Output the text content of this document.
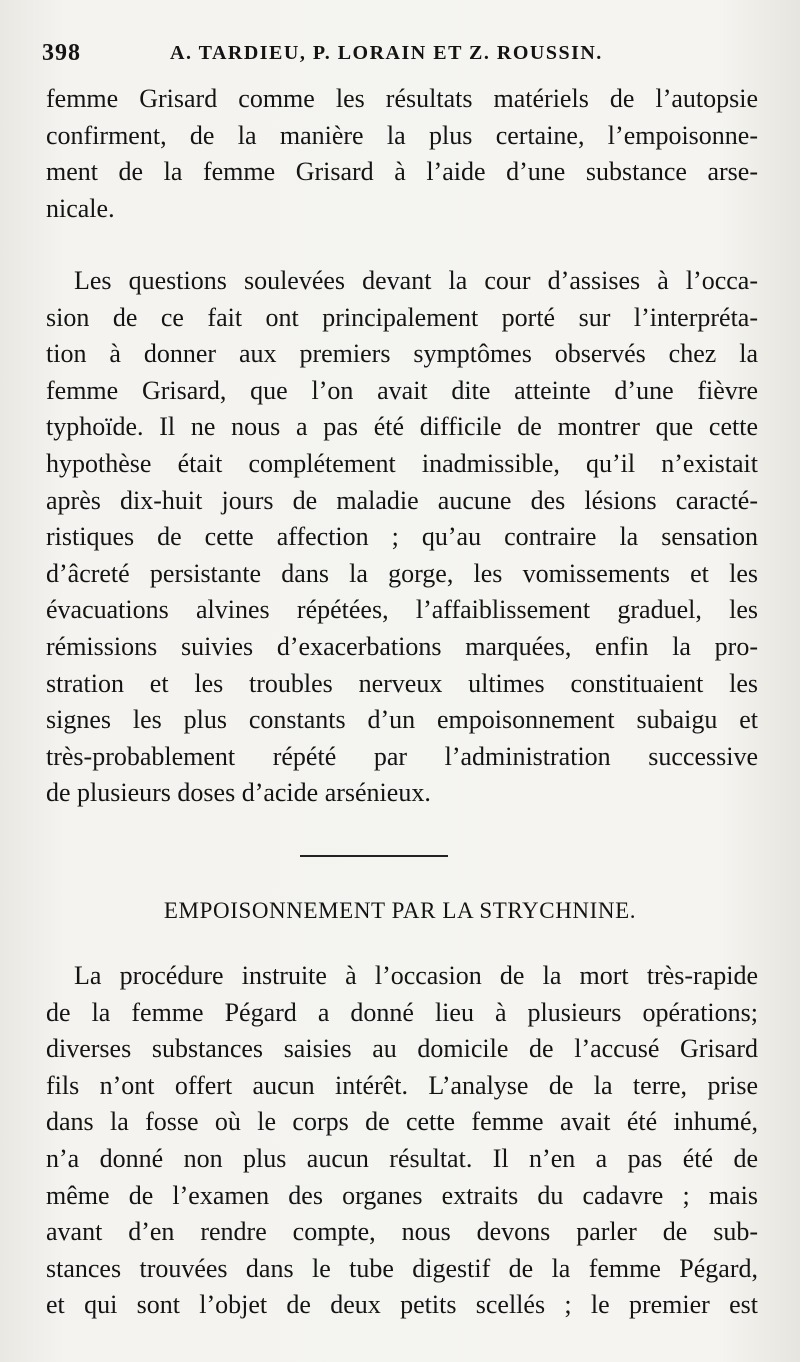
398	A. TARDIEU, P. LORAIN ET Z. ROUSSIN.
femme Grisard comme les résultats matériels de l’autopsie
confirment, de la manière la plus certaine, l’empoisonne-
ment de la femme Grisard à l’aide d’une substance arse-
nicale.
Les questions soulevées devant la cour d’assises à l’occa-
sion de ce fait ont principalement porté sur l’interpréta-
tion à donner aux premiers symptômes observés chez la
femme Grisard, que l’on avait dite atteinte d’une fièvre
typhoïde. Il ne nous a pas été difficile de montrer que cette
hypothèse était complétement inadmissible, qu’il n’existait
après dix-huit jours de maladie aucune des lésions caracté-
ristiques de cette affection ; qu’au contraire la sensation
d’âcreté persistante dans la gorge, les vomissements et les
évacuations alvines répétées, l’affaiblissement graduel, les
rémissions suivies d’exacerbations marquées, enfin la pro-
stration et les troubles nerveux ultimes constituaient les
signes les plus constants d’un empoisonnement subaigu et
très-probablement répété par l’administration successive
de plusieurs doses d’acide arsénieux.
EMPOISONNEMENT PAR LA STRYCHNINE.
La procédure instruite à l’occasion de la mort très-rapide
de la femme Pégard a donné lieu à plusieurs opérations;
diverses substances saisies au domicile de l’accusé Grisard
fils n’ont offert aucun intérêt. L’analyse de la terre, prise
dans la fosse où le corps de cette femme avait été inhumé,
n’a donné non plus aucun résultat. Il n’en a pas été de
même de l’examen des organes extraits du cadavre ; mais
avant d’en rendre compte, nous devons parler de sub-
stances trouvées dans le tube digestif de la femme Pégard,
et qui sont l’objet de deux petits scellés ; le premier est
